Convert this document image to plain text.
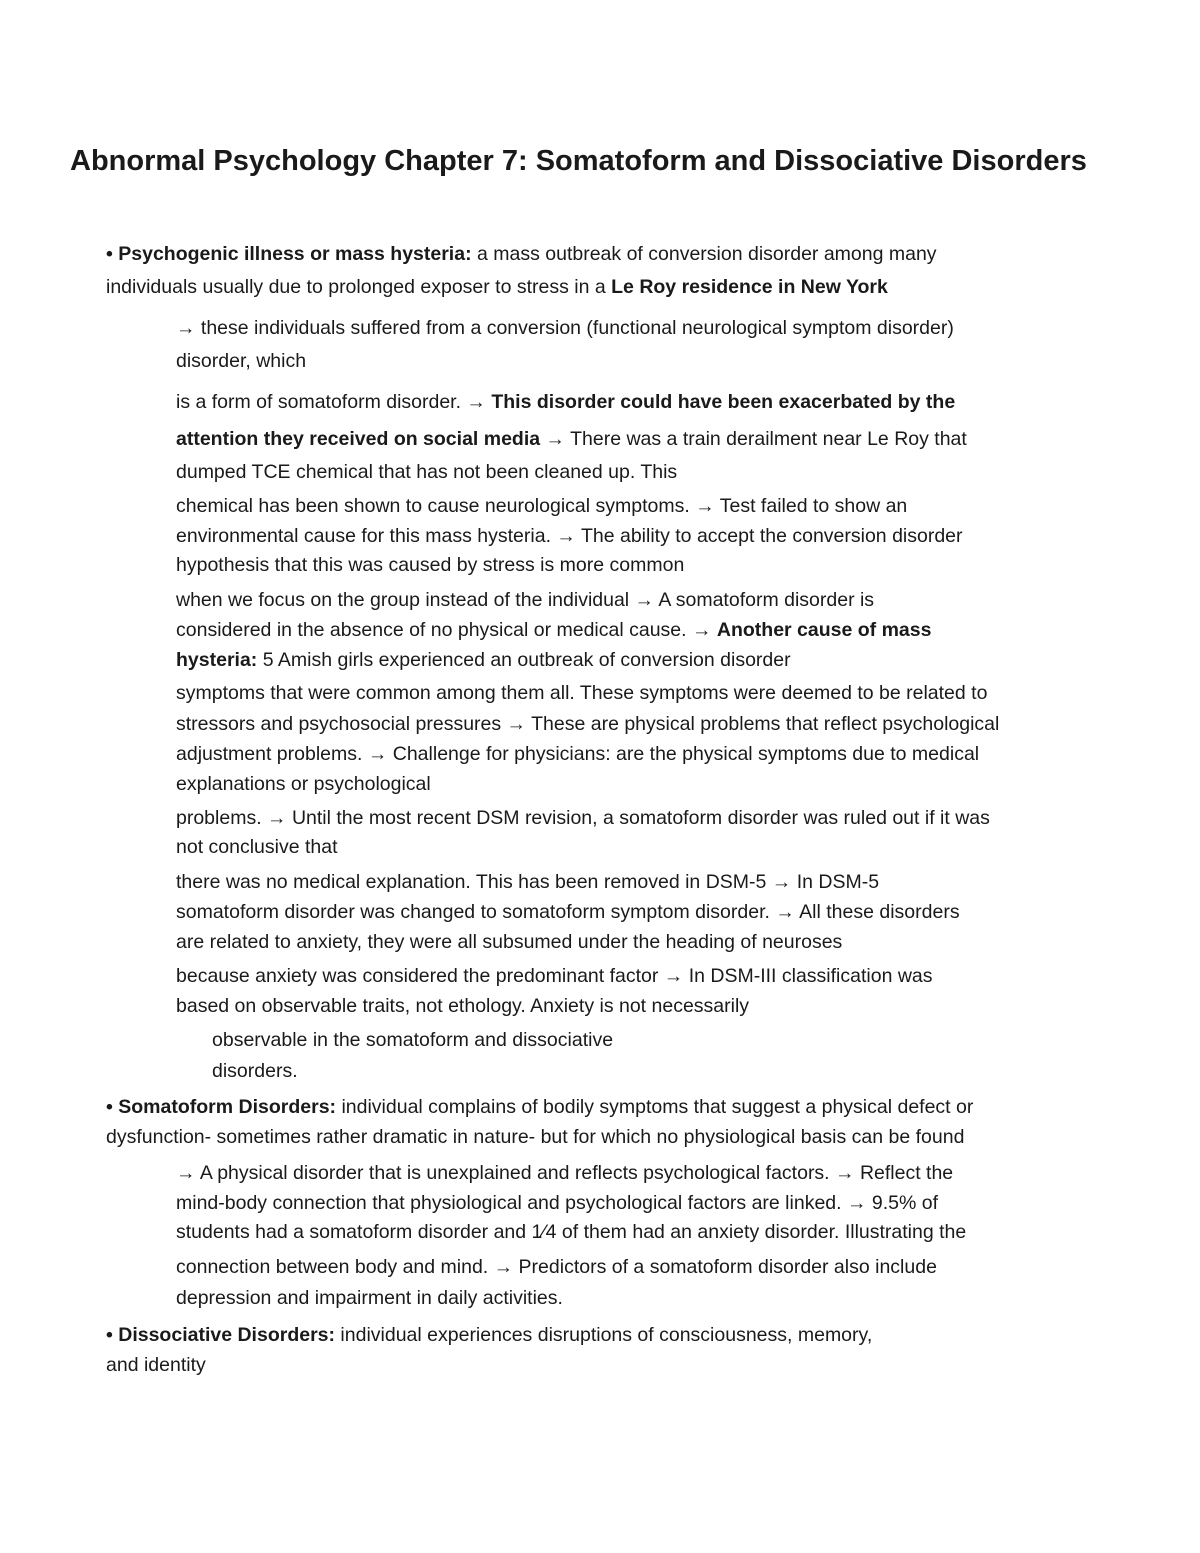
Abnormal Psychology Chapter 7: Somatoform and Dissociative Disorders

• Psychogenic illness or mass hysteria: a mass outbreak of conversion disorder among many

individuals usually due to prolonged exposer to stress in a Le Roy residence in New York

→ these individuals suffered from a conversion (functional neurological symptom disorder)

disorder, which

is a form of somatoform disorder. → This disorder could have been exacerbated by the

attention they received on social media → There was a train derailment near Le Roy that

dumped TCE chemical that has not been cleaned up. This

chemical has been shown to cause neurological symptoms. → Test failed to show an

environmental cause for this mass hysteria. → The ability to accept the conversion disorder

hypothesis that this was caused by stress is more common

when we focus on the group instead of the individual → A somatoform disorder is

considered in the absence of no physical or medical cause. → Another cause of mass

hysteria: 5 Amish girls experienced an outbreak of conversion disorder

symptoms that were common among them all. These symptoms were deemed to be related to

stressors and psychosocial pressures → These are physical problems that reflect psychological

adjustment problems. → Challenge for physicians: are the physical symptoms due to medical

explanations or psychological

problems. → Until the most recent DSM revision, a somatoform disorder was ruled out if it was

not conclusive that

there was no medical explanation. This has been removed in DSM-5 → In DSM-5

somatoform disorder was changed to somatoform symptom disorder. → All these disorders

are related to anxiety, they were all subsumed under the heading of neuroses

because anxiety was considered the predominant factor → In DSM-III classification was

based on observable traits, not ethology. Anxiety is not necessarily

observable in the somatoform and dissociative

disorders.

• Somatoform Disorders: individual complains of bodily symptoms that suggest a physical defect or

dysfunction- sometimes rather dramatic in nature- but for which no physiological basis can be found

→ A physical disorder that is unexplained and reflects psychological factors. → Reflect the

mind-body connection that physiological and psychological factors are linked. → 9.5% of

students had a somatoform disorder and 1⁄4 of them had an anxiety disorder. Illustrating the

connection between body and mind. → Predictors of a somatoform disorder also include

depression and impairment in daily activities.

• Dissociative Disorders: individual experiences disruptions of consciousness, memory,

and identity
